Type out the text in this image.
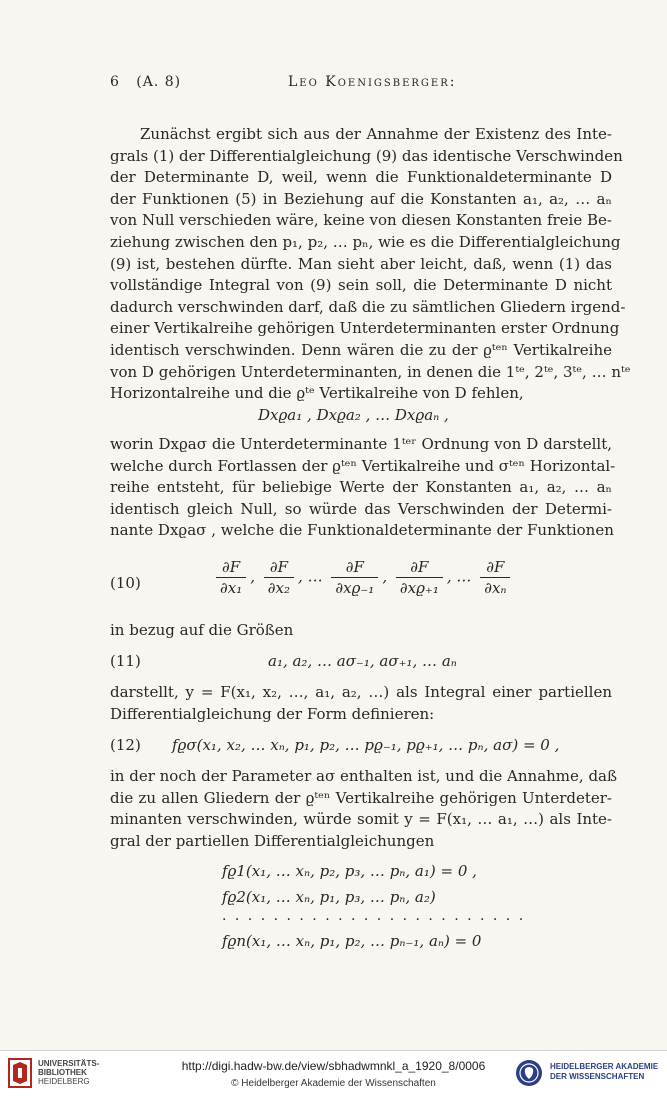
6 (A. 8)	Leo Koenigsberger:
Zunächst ergibt sich aus der Annahme der Existenz des Inte-
grals (1) der Differentialgleichung (9) das identische Verschwinden
der Determinante D, weil, wenn die Funktionaldeterminante D
der Funktionen (5) in Beziehung auf die Konstanten a₁, a₂, … aₙ
von Null verschieden wäre, keine von diesen Konstanten freie Be-
ziehung zwischen den p₁, p₂, … pₙ, wie es die Differentialgleichung
(9) ist, bestehen dürfte. Man sieht aber leicht, daß, wenn (1) das
vollständige Integral von (9) sein soll, die Determinante D nicht
dadurch verschwinden darf, daß die zu sämtlichen Gliedern irgend-
einer Vertikalreihe gehörigen Unterdeterminanten erster Ordnung
identisch verschwinden. Denn wären die zu der ϱᵗᵉⁿ Vertikalreihe
von D gehörigen Unterdeterminanten, in denen die 1ᵗᵉ, 2ᵗᵉ, 3ᵗᵉ, … nᵗᵉ
Horizontalreihe und die ϱᵗᵉ Vertikalreihe von D fehlen,
Dxϱa₁ , Dxϱa₂ , … Dxϱaₙ ,
worin Dxϱaσ die Unterdeterminante 1ᵗᵉʳ Ordnung von D darstellt,
welche durch Fortlassen der ϱᵗᵉⁿ Vertikalreihe und σᵗᵉⁿ Horizontal-
reihe entsteht, für beliebige Werte der Konstanten a₁, a₂, … aₙ
identisch gleich Null, so würde das Verschwinden der Determi-
nante Dxϱaσ , welche die Funktionaldeterminante der Funktionen
(10)	$\frac{\partial F}{\text{∂x₁}}$ , $\frac{\partial F}{\text{∂x₂}}$ , … $\frac{\partial F}{\text{∂xϱ₋₁}}$ , $\frac{\partial F}{\text{∂xϱ₊₁}}$ , … $\frac{\partial F}{\text{∂xₙ}}$
in bezug auf die Größen
(11)	a₁, a₂, … aσ₋₁, aσ₊₁, … aₙ
darstellt, y = F(x₁, x₂, …, a₁, a₂, …) als Integral einer partiellen
Differentialgleichung der Form definieren:
(12) fϱσ(x₁, x₂, … xₙ, p₁, p₂, … pϱ₋₁, pϱ₊₁, … pₙ, aσ) = 0 ,
in der noch der Parameter aσ enthalten ist, und die Annahme, daß
die zu allen Gliedern der ϱᵗᵉⁿ Vertikalreihe gehörigen Unterdeter-
minanten verschwinden, würde somit y = F(x₁, … a₁, …) als Inte-
gral der partiellen Differentialgleichungen
fϱ1(x₁, … xₙ, p₂, p₃, … pₙ, a₁) = 0 ,
fϱ2(x₁, … xₙ, p₁, p₃, … pₙ, a₂)
. . . . . . . . . . . . . . . . . . . . . . . .
fϱn(x₁, … xₙ, p₁, p₂, … pₙ₋₁, aₙ) = 0
UNIVERSITÄTS-
BIBLIOTHEK
HEIDELBERG
http://digi.hadw-bw.de/view/sbhadwmnkl_a_1920_8/0006
© Heidelberger Akademie der Wissenschaften
HEIDELBERGER AKADEMIE
DER WISSENSCHAFTEN
